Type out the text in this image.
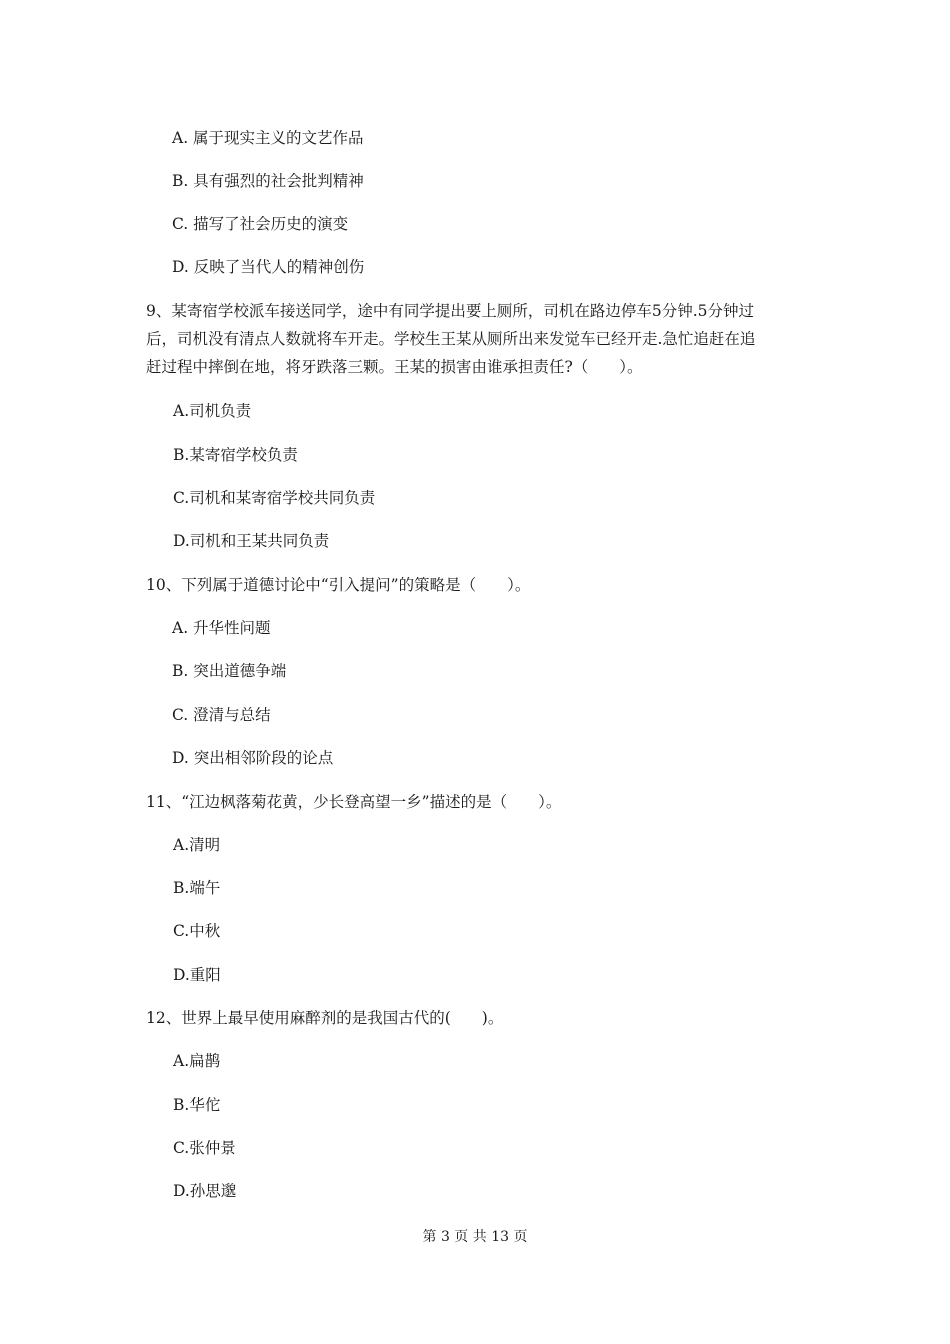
A. 属于现实主义的文艺作品
B. 具有强烈的社会批判精神
C. 描写了社会历史的演变
D. 反映了当代人的精神创伤
9、某寄宿学校派车接送同学，途中有同学提出要上厕所，司机在路边停车5分钟.5分钟过
后，司机没有清点人数就将车开走。学校生王某从厕所出来发觉车已经开走.急忙追赶在追
赶过程中摔倒在地，将牙跌落三颗。王某的损害由谁承担责任?（　　）。
A.司机负责
B.某寄宿学校负责
C.司机和某寄宿学校共同负责
D.司机和王某共同负责
10、下列属于道德讨论中“引入提问”的策略是（　　）。
A. 升华性问题
B. 突出道德争端
C. 澄清与总结
D. 突出相邻阶段的论点
11、“江边枫落菊花黄，少长登高望一乡”描述的是（　　）。
A.清明
B.端午
C.中秋
D.重阳
12、世界上最早使用麻醉剂的是我国古代的(　　)。
A.扁鹊
B.华佗
C.张仲景
D.孙思邈
第 3 页 共 13 页
